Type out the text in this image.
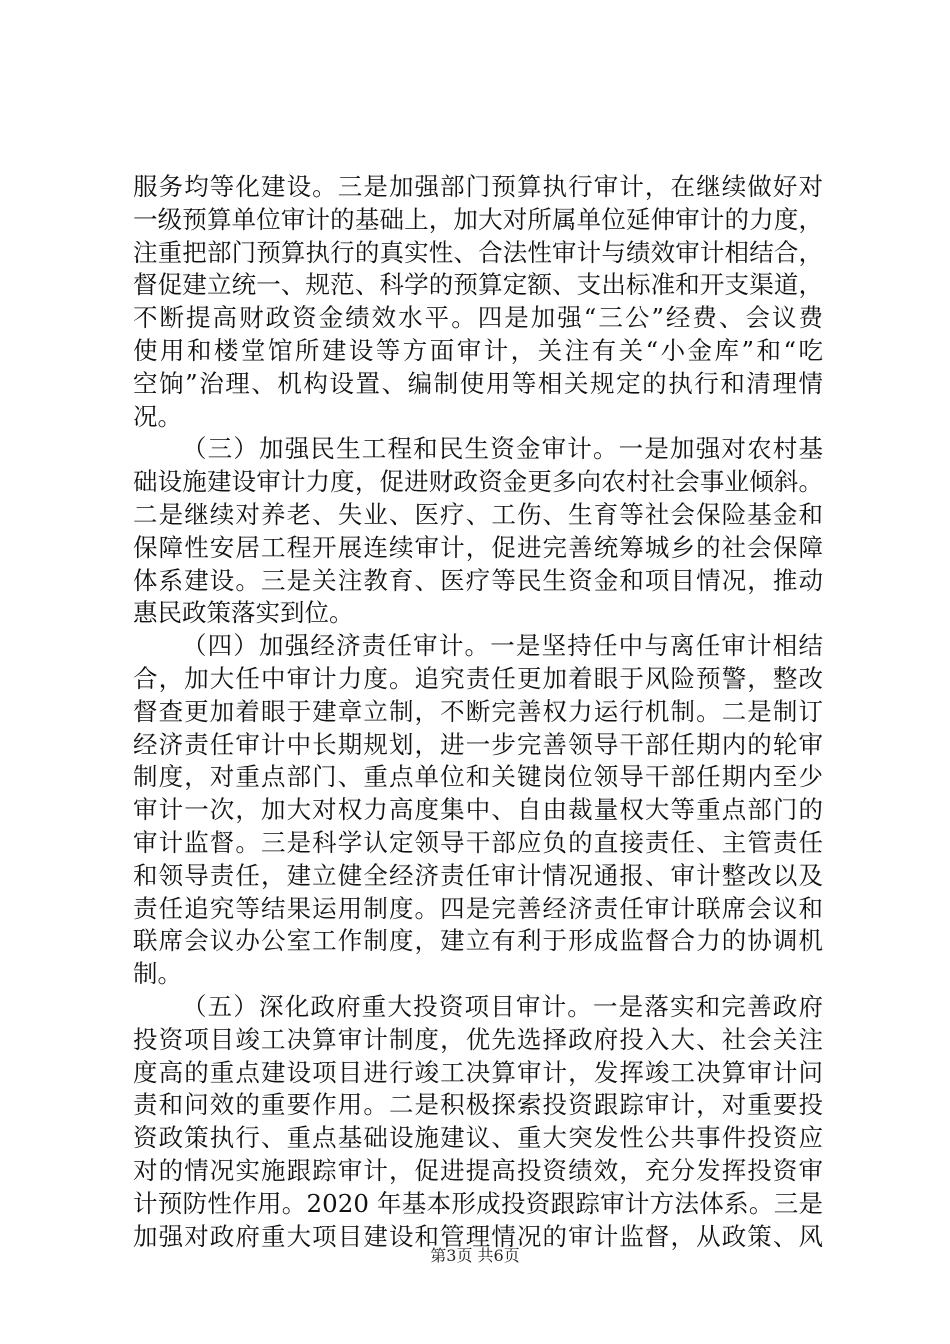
服务均等化建设。三是加强部门预算执行审计，在继续做好对
一级预算单位审计的基础上，加大对所属单位延伸审计的力度，
注重把部门预算执行的真实性、合法性审计与绩效审计相结合，
督促建立统一、规范、科学的预算定额、支出标准和开支渠道，
不断提高财政资金绩效水平。四是加强“三公”经费、会议费
使用和楼堂馆所建设等方面审计，关注有关“小金库”和“吃
空饷”治理、机构设置、编制使用等相关规定的执行和清理情
况。
（三）加强民生工程和民生资金审计。一是加强对农村基
础设施建设审计力度，促进财政资金更多向农村社会事业倾斜。
二是继续对养老、失业、医疗、工伤、生育等社会保险基金和
保障性安居工程开展连续审计，促进完善统筹城乡的社会保障
体系建设。三是关注教育、医疗等民生资金和项目情况，推动
惠民政策落实到位。
（四）加强经济责任审计。一是坚持任中与离任审计相结
合，加大任中审计力度。追究责任更加着眼于风险预警，整改
督查更加着眼于建章立制，不断完善权力运行机制。二是制订
经济责任审计中长期规划，进一步完善领导干部任期内的轮审
制度，对重点部门、重点单位和关键岗位领导干部任期内至少
审计一次，加大对权力高度集中、自由裁量权大等重点部门的
审计监督。三是科学认定领导干部应负的直接责任、主管责任
和领导责任，建立健全经济责任审计情况通报、审计整改以及
责任追究等结果运用制度。四是完善经济责任审计联席会议和
联席会议办公室工作制度，建立有利于形成监督合力的协调机
制。
（五）深化政府重大投资项目审计。一是落实和完善政府
投资项目竣工决算审计制度，优先选择政府投入大、社会关注
度高的重点建设项目进行竣工决算审计，发挥竣工决算审计问
责和问效的重要作用。二是积极探索投资跟踪审计，对重要投
资政策执行、重点基础设施建议、重大突发性公共事件投资应
对的情况实施跟踪审计，促进提高投资绩效，充分发挥投资审
计预防性作用。2020 年基本形成投资跟踪审计方法体系。三是
加强对政府重大项目建设和管理情况的审计监督，从政策、风
第3页 共6页
